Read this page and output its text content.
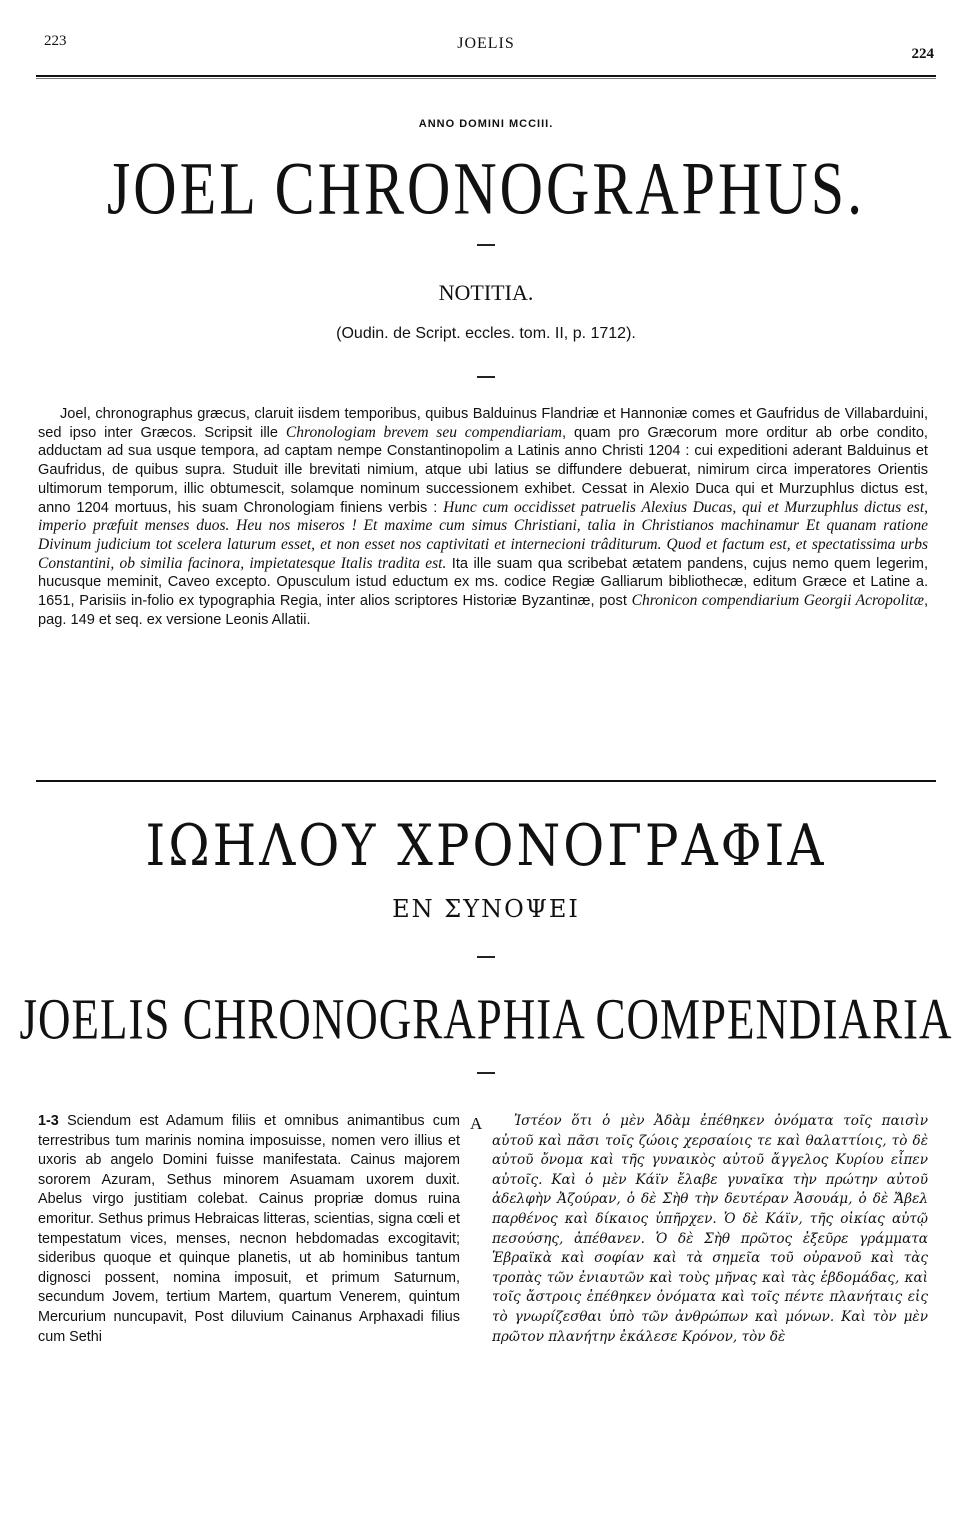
223	JOELIS
224
ANNO DOMINI MCCIII.
JOEL CHRONOGRAPHUS.
NOTITIA.
(Oudin. de Script. eccles. tom. II, p. 1712).
Joel, chronographus græcus, claruit iisdem temporibus, quibus Balduinus Flandriæ et Hannoniæ comes et Gaufridus de Villabarduini, sed ipso inter Græcos. Scripsit ille Chronologiam brevem seu compendiariam, quam pro Græcorum more orditur ab orbe condito, adductam ad sua usque tempora, ad captam nempe Constantinopolim a Latinis anno Christi 1204 : cui expeditioni aderant Balduinus et Gaufridus, de quibus supra. Studuit ille brevitati nimium, atque ubi latius se diffundere debuerat, nimirum circa imperatores Orientis ultimorum temporum, illic obtumescit, solamque nominum successionem exhibet. Cessat in Alexio Duca qui et Murzuphlus dictus est, anno 1204 mortuus, his suam Chronologiam finiens verbis : Hunc cum occidisset patruelis Alexius Ducas, qui et Murzuphlus dictus est, imperio præfuit menses duos. Heu nos miseros ! Et maxime cum simus Christiani, talia in Christianos machinamur Et quanam ratione Divinum judicium tot scelera laturum esset, et non esset nos captivitati et internecioni trâditurum. Quod et factum est, et spectatissima urbs Constantini, ob similia facinora, impietatesque Italis tradita est. Ita ille suam qua scribebat ætatem pandens, cujus nemo quem legerim, hucusque meminit, Caveo excepto. Opusculum istud eductum ex ms. codice Regiæ Galliarum bibliothecæ, editum Græce et Latine a. 1651, Parisiis in-folio ex typographia Regia, inter alios scriptores Historiæ Byzantinæ, post Chronicon compendiarium Georgii Acropolitæ, pag. 149 et seq. ex versione Leonis Allatii.
ΙΩΗΛΟΥ ΧΡΟΝΟΓΡΑΦΙΑ
ΕΝ ΣΥΝΟΨΕΙ
JOELIS CHRONOGRAPHIA COMPENDIARIA
1-3 Sciendum est Adamum filiis et omnibus animantibus cum terrestribus tum marinis nomina imposuisse, nomen vero illius et uxoris ab angelo Domini fuisse manifestata. Cainus majorem sororem Azuram, Sethus minorem Asuamam uxorem duxit. Abelus virgo justitiam colebat. Cainus propriæ domus ruina emoritur. Sethus primus Hebraicas litteras, scientias, signa cœli et tempestatum vices, menses, necnon hebdomadas excogitavit; sideribus quoque et quinque planetis, ut ab hominibus tantum dignosci possent, nomina imposuit, et primum Saturnum, secundum Jovem, tertium Martem, quartum Venerem, quintum Mercurium nuncupavit, Post diluvium Cainanus Arphaxadi filius cum Sethi
A	Ἰστέον ὅτι ὁ μὲν Ἀδὰμ ἐπέθηκεν ὀνόματα τοῖς παισὶν αὐτοῦ καὶ πᾶσι τοῖς ζώοις χερσαίοις τε καὶ θαλαττίοις, τὸ δὲ αὐτοῦ ὄνομα καὶ τῆς γυναικὸς αὐτοῦ ἄγγελος Κυρίου εἶπεν αὐτοῖς. Καὶ ὁ μὲν Κάϊν ἔλαβε γυναῖκα τὴν πρώτην αὐτοῦ ἀδελφὴν Ἀζούραν, ὁ δὲ Σὴθ τὴν δευτέραν Ἀσουάμ, ὁ δὲ Ἄβελ παρθένος καὶ δίκαιος ὑπῆρχεν. Ὁ δὲ Κάϊν, τῆς οἰκίας αὐτῷ πεσούσης, ἀπέθανεν. Ὁ δὲ Σὴθ πρῶτος ἐξεῦρε γράμματα Ἑβραϊκὰ καὶ σοφίαν καὶ τὰ σημεῖα τοῦ οὐρανοῦ καὶ τὰς τροπὰς τῶν ἐνιαυτῶν καὶ τοὺς μῆνας καὶ τὰς ἑβδομάδας, καὶ τοῖς ἄστροις ἐπέθηκεν ὀνόματα καὶ τοῖς πέντε πλανήταις εἰς τὸ γνωρίζεσθαι ὑπὸ τῶν ἀνθρώπων καὶ μόνων. Καὶ τὸν μὲν πρῶτον πλανήτην ἐκάλεσε Κρόνον, τὸν δὲ
